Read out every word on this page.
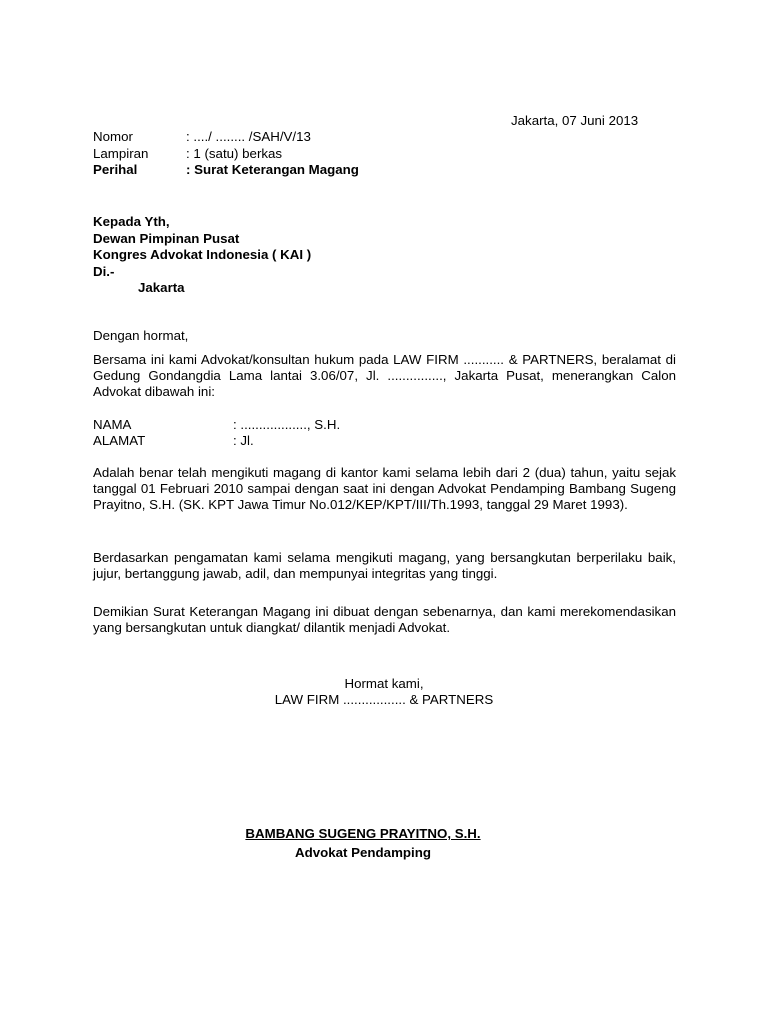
Jakarta, 07 Juni 2013
Nomor	: ..../ ........ /SAH/V/13
Lampiran	: 1 (satu) berkas
Perihal	: Surat Keterangan Magang
Kepada Yth,
Dewan Pimpinan Pusat
Kongres Advokat Indonesia ( KAI )
Di.-
Jakarta
Dengan hormat,

Bersama ini kami Advokat/konsultan hukum pada LAW FIRM ........... & PARTNERS, beralamat di Gedung Gondangdia Lama lantai 3.06/07, Jl. ..............., Jakarta Pusat, menerangkan Calon Advokat dibawah ini:

NAMA	: .................., S.H.
ALAMAT	: Jl.

Adalah benar telah mengikuti magang di kantor kami selama lebih dari 2 (dua) tahun, yaitu sejak tanggal 01 Februari 2010 sampai dengan saat ini dengan Advokat Pendamping Bambang Sugeng Prayitno, S.H. (SK. KPT Jawa Timur No.012/KEP/KPT/III/Th.1993, tanggal 29 Maret 1993).

Berdasarkan pengamatan kami selama mengikuti magang, yang bersangkutan berperilaku baik, jujur, bertanggung jawab, adil, dan mempunyai integritas yang tinggi.

Demikian Surat Keterangan Magang ini dibuat dengan sebenarnya, dan kami merekomendasikan yang bersangkutan untuk diangkat/ dilantik menjadi Advokat.

Hormat kami,
LAW FIRM ................. & PARTNERS
BAMBANG SUGENG PRAYITNO, S.H.
Advokat Pendamping
